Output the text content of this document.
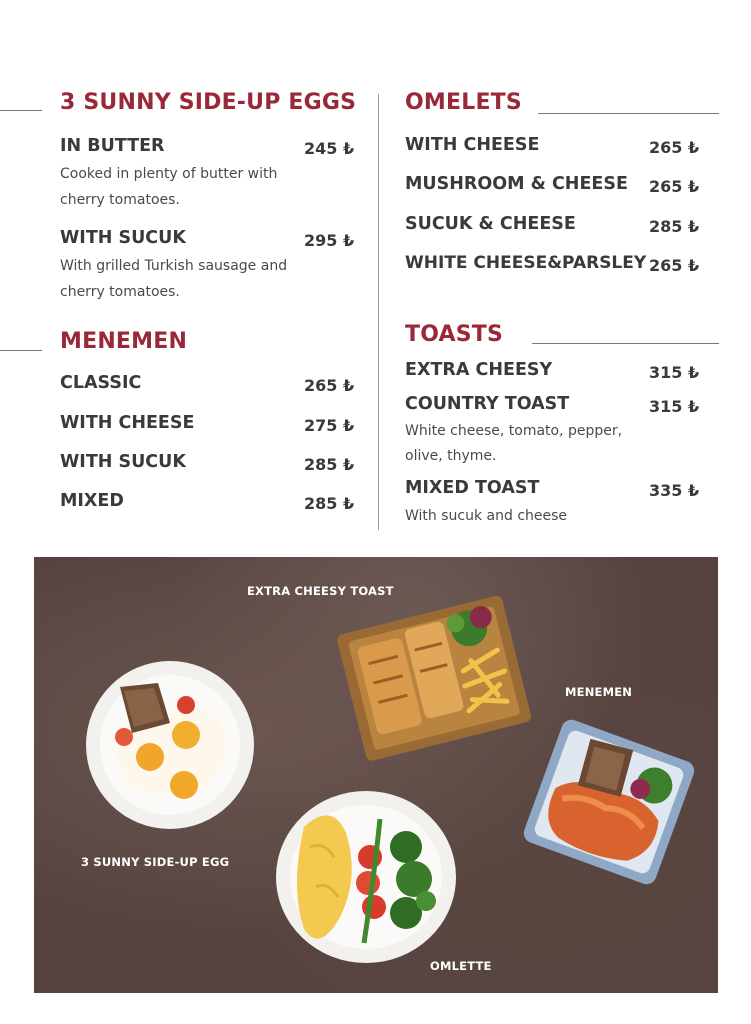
3 SUNNY SIDE-UP EGGS
IN BUTTER	245 ₺
Cooked in plenty of butter with cherry tomatoes.
WITH SUCUK	295 ₺
With grilled Turkish sausage and cherry tomatoes.
MENEMEN
CLASSIC	265 ₺
WITH CHEESE	275 ₺
WITH SUCUK	285 ₺
MIXED	285 ₺
OMELETS
WITH CHEESE	265 ₺
MUSHROOM & CHEESE 265 ₺
SUCUK & CHEESE	285 ₺
WHITE CHEESE&PARSLEY 265 ₺
TOASTS
EXTRA CHEESY	315 ₺
COUNTRY TOAST	315 ₺
White cheese, tomato, pepper, olive, thyme.
MIXED TOAST	335 ₺
With sucuk and cheese
EXTRA CHEESY TOAST
MENEMEN
3 SUNNY SIDE-UP EGG
OMLETTE
